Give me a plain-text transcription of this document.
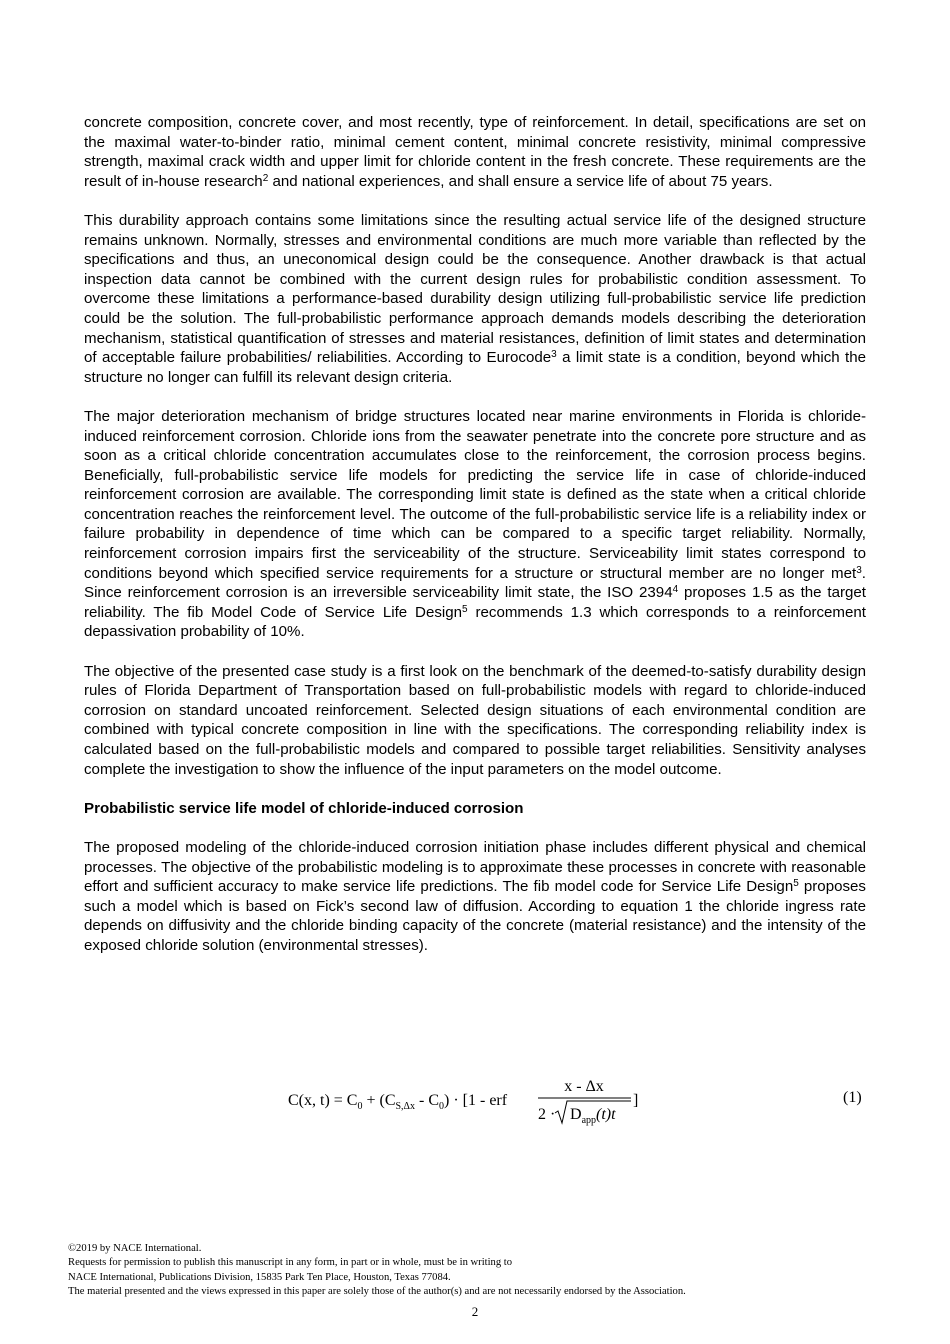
concrete composition, concrete cover, and most recently, type of reinforcement. In detail, specifications are set on the maximal water-to-binder ratio, minimal cement content, minimal concrete resistivity, minimal compressive strength, maximal crack width and upper limit for chloride content in the fresh concrete. These requirements are the result of in-house research$^2$ and national experiences, and shall ensure a service life of about 75 years.

This durability approach contains some limitations since the resulting actual service life of the designed structure remains unknown. Normally, stresses and environmental conditions are much more variable than reflected by the specifications and thus, an uneconomical design could be the consequence. Another drawback is that actual inspection data cannot be combined with the current design rules for probabilistic condition assessment. To overcome these limitations a performance-based durability design utilizing full-probabilistic service life prediction could be the solution. The full-probabilistic performance approach demands models describing the deterioration mechanism, statistical quantification of stresses and material resistances, definition of limit states and determination of acceptable failure probabilities/ reliabilities. According to Eurocode$^3$ a limit state is a condition, beyond which the structure no longer can fulfill its relevant design criteria.

The major deterioration mechanism of bridge structures located near marine environments in Florida is chloride-induced reinforcement corrosion. Chloride ions from the seawater penetrate into the concrete pore structure and as soon as a critical chloride concentration accumulates close to the reinforcement, the corrosion process begins. Beneficially, full-probabilistic service life models for predicting the service life in case of chloride-induced reinforcement corrosion are available. The corresponding limit state is defined as the state when a critical chloride concentration reaches the reinforcement level. The outcome of the full-probabilistic service life is a reliability index or failure probability in dependence of time which can be compared to a specific target reliability. Normally, reinforcement corrosion impairs first the serviceability of the structure. Serviceability limit states correspond to conditions beyond which specified service requirements for a structure or structural member are no longer met$^3$. Since reinforcement corrosion is an irreversible serviceability limit state, the ISO 2394$^4$ proposes 1.5 as the target reliability. The fib Model Code of Service Life Design$^5$ recommends 1.3 which corresponds to a reinforcement depassivation probability of 10%.

The objective of the presented case study is a first look on the benchmark of the deemed-to-satisfy durability design rules of Florida Department of Transportation based on full-probabilistic models with regard to chloride-induced corrosion on standard uncoated reinforcement. Selected design situations of each environmental condition are combined with typical concrete composition in line with the specifications. The corresponding reliability index is calculated based on the full-probabilistic models and compared to possible target reliabilities. Sensitivity analyses complete the investigation to show the influence of the input parameters on the model outcome.

Probabilistic service life model of chloride-induced corrosion

The proposed modeling of the chloride-induced corrosion initiation phase includes different physical and chemical processes. The objective of the probabilistic modeling is to approximate these processes in concrete with reasonable effort and sufficient accuracy to make service life predictions. The fib model code for Service Life Design$^5$ proposes such a model which is based on Fick’s second law of diffusion. According to equation 1 the chloride ingress rate depends on diffusivity and the chloride binding capacity of the concrete (material resistance) and the intensity of the exposed chloride solution (environmental stresses).

C(x, $t) = C_0 + (C_{S,\Delta x} - C_0) \cdot [1$ - erf
x - Δx
$2 \cdot D_{app}(t)t$
]	(1)
©2019 by NACE International.
Requests for permission to publish this manuscript in any form, in part or in whole, must be in writing to
NACE International, Publications Division, 15835 Park Ten Place, Houston, Texas 77084.
The material presented and the views expressed in this paper are solely those of the author(s) and are not necessarily endorsed by the Association.
2
